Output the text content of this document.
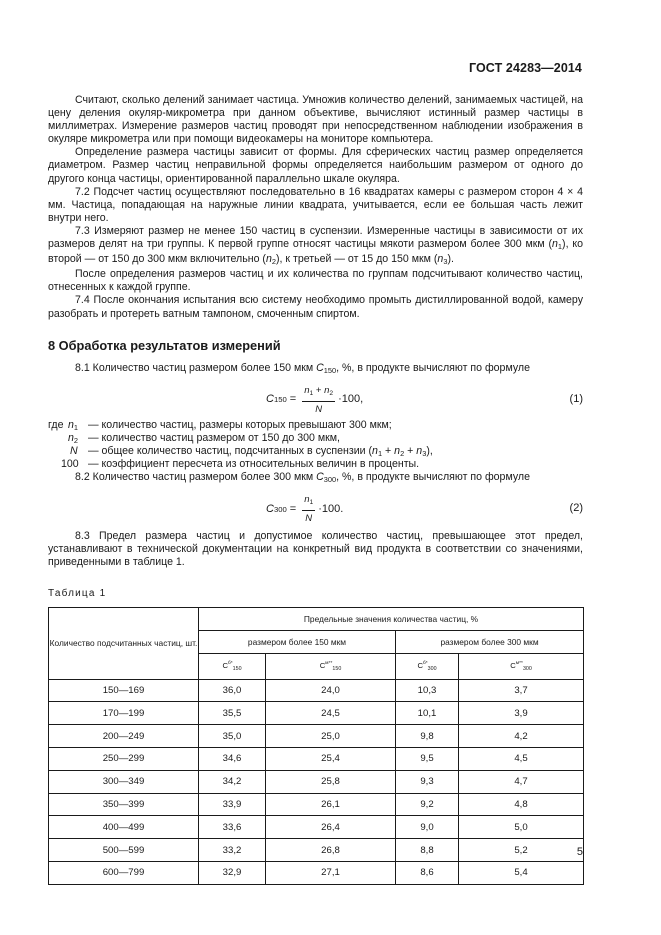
ГОСТ 24283—2014

Считают, сколько делений занимает частица. Умножив количество делений, занимаемых частицей, на цену деления окуляр-микрометра при данном объективе, вычисляют истинный размер частицы в миллиметрах. Измерение размеров частиц проводят при непосредственном наблюдении изображения в окуляре микрометра или при помощи видеокамеры на мониторе компьютера.

Определение размера частицы зависит от формы. Для сферических частиц размер определяется диаметром. Размер частиц неправильной формы определяется наибольшим размером от одного до другого конца частицы, ориентированной параллельно шкале окуляра.

7.2 Подсчет частиц осуществляют последовательно в 16 квадратах камеры с размером сторон 4 × 4 мм. Частица, попадающая на наружные линии квадрата, учитывается, если ее большая часть лежит внутри него.

7.3 Измеряют размер не менее 150 частиц в суспензии. Измеренные частицы в зависимости от их размеров делят на три группы. К первой группе относят частицы мякоти размером более 300 мкм $(n_1)$, ко второй — от 150 до 300 мкм включительно $(n_2)$, к третьей — от 15 до 150 мкм $(n_3)$.

После определения размеров частиц и их количества по группам подсчитывают количество частиц, отнесенных к каждой группе.

7.4 После окончания испытания всю систему необходимо промыть дистиллированной водой, камеру разобрать и протереть ватным тампоном, смоченным спиртом.

8 Обработка результатов измерений

8.1 Количество частиц размером более 150 мкм $C_{150}$, %, в продукте вычисляют по формуле

C $150 = \frac{n_1 + n_2}{N} \cdot 100$,	(1)
где $n_1$ — количество частиц, размеры которых превышают 300 мкм;
$n_2$ — количество частиц размером от 150 до 300 мкм,
N — общее количество частиц, подсчитанных в суспензии $(n_1 + n_2 + n_3)$,
100 — коэффициент пересчета из относительных величин в проценты.

8.2 Количество частиц размером более 300 мкм $C_{300}$, %, в продукте вычисляют по формуле

C $300 = \frac{n_1}{N} \cdot 100$.	(2)

8.3 Предел размера частиц и допустимое количество частиц, превышающее этот предел, устанавливают в технической документации на конкретный вид продукта в соответствии со значениями, приведенными в таблице 1.

Таблица 1
Количество подсчитанных частиц, шт.	Предельные значения количества частиц, %			
	размером более 150 мкм		размером более 300 мкм	
	$C^{б*}_{150}$	$C^{м**}_{150}$	$C^{б*}_{300}$	$C^{м**}_{300}$
150—169	36,0	24,0	10,3	3,7
170—199	35,5	24,5	10,1	3,9
200—249	35,0	25,0	9,8	4,2
250—299	34,6	25,4	9,5	4,5
300—349	34,2	25,8	9,3	4,7
350—399	33,9	26,1	9,2	4,8
400—499	33,6	26,4	9,0	5,0
500—599	33,2	26,8	8,8	5,2
600—799	32,9	27,1	8,6	5,4
5
